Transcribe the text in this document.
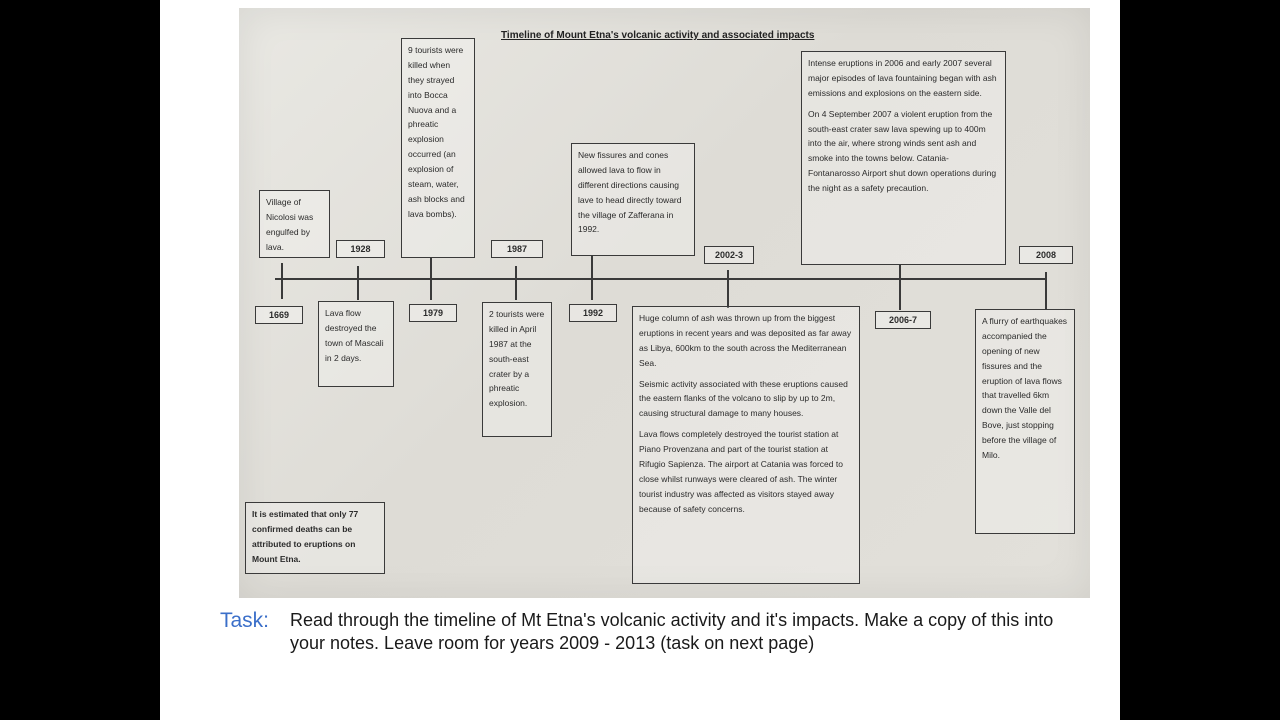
Timeline of Mount Etna's volcanic activity and associated impacts
Village of Nicolosi was engulfed by lava.	1928
9 tourists were killed when they strayed into Bocca Nuova and a phreatic explosion occurred (an explosion of steam, water, ash blocks and lava bombs).
1987
New fissures and cones allowed lava to flow in different directions causing lave to head directly toward the village of Zafferana in 1992.
2002-3

Intense eruptions in 2006 and early 2007 several major episodes of lava fountaining began with ash emissions and explosions on the eastern side.

On 4 September 2007 a violent eruption from the south-east crater saw lava spewing up to 400m into the air, where strong winds sent ash and smoke into the towns below. Catania-Fontanarosso Airport shut down operations during the night as a safety precaution.

2008
1669	Lava flow destroyed the town of Mascali in 2 days.
1979	2 tourists were killed in April 1987 at the south-east crater by a phreatic explosion.
1992	Huge column of ash was thrown up from the biggest eruptions in recent years and was deposited as far away as Libya, 600km to the south across the Mediterranean Sea.

Seismic activity associated with these eruptions caused the eastern flanks of the volcano to slip by up to 2m, causing structural damage to many houses.

Lava flows completely destroyed the tourist station at Piano Provenzana and part of the tourist station at Rifugio Sapienza. The airport at Catania was forced to close whilst runways were cleared of ash. The winter tourist industry was affected as visitors stayed away because of safety concerns.

2006-7	A flurry of earthquakes accompanied the opening of new fissures and the eruption of lava flows that travelled 6km down the Valle del Bove, just stopping before the village of Milo.
It is estimated that only 77 confirmed deaths can be attributed to eruptions on Mount Etna.
Task: Read through the timeline of Mt Etna's volcanic activity and it's impacts. Make a copy of this into your notes. Leave room for years 2009 - 2013 (task on next page)
